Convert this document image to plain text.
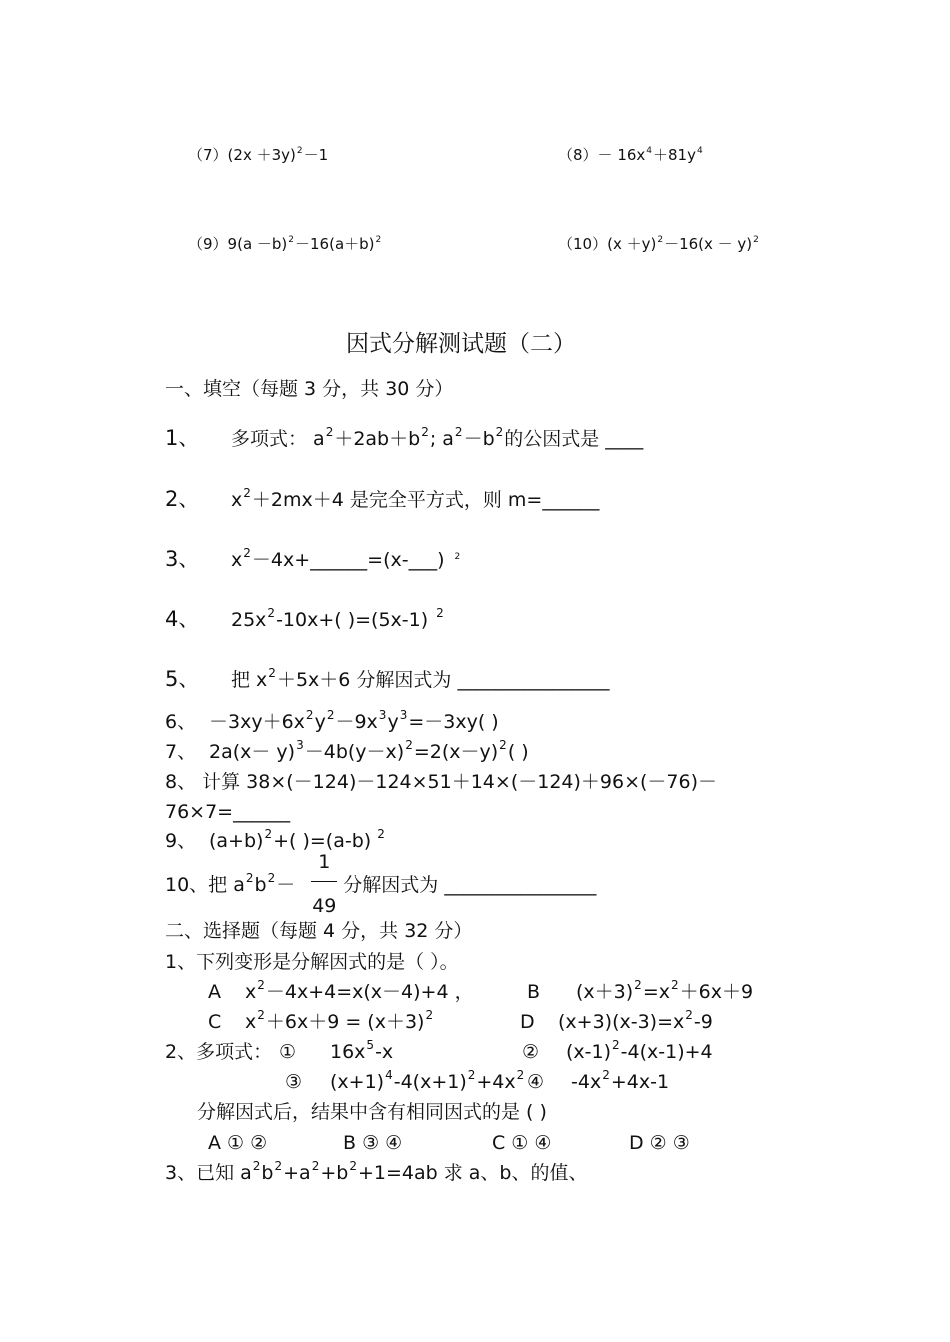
（7）(2x ＋3y)2－1	（8）－ 16x4＋81y4
（9）9(a －b)2－16(a＋b)2	（10）(x ＋y)2－16(x － y)2
因式分解测试题（二）
一、填空（每题 3 分，共 30 分）
1、 多项式： a2＋2ab＋b2; a2－b2的公因式是 ____
2、 x2＋2mx＋4 是完全平方式，则 m=______
3、 x2－4x+______=(x-___) 2
4、 25x2-10x+( )=(5x-1) 2
5、 把 x2＋5x＋6 分解因式为 ________________
6、 －3xy＋6x2y2－9x3y3=－3xy( )
7、 2a(x－ y)3－4b(y－x)2=2(x－y)2( )
8、 计算 38×(－124)－124×51＋14×(－124)＋96×(－76)－
76×7=______
9、 (a+b)2+( )=(a-b) 2
10、把 $a2b2- \frac{1}{49}$ 分解因式为 ________________
二、选择题（每题 4 分，共 32 分）
1、下列变形是分解因式的是（ ）。
A x2－4x+4=x(x－4)+4 ，	B (x＋3)2=x2＋6x＋9
C x2＋6x＋9 = (x＋3)2	D (x+3)(x-3)=x2-9
2、多项式： ① 16x5-x	② (x-1)2-4(x-1)+4
③ (x+1)4-4(x+1)2+4x2 ④ -4x2+4x-1
分解因式后，结果中含有相同因式的是 ( )
A ① ②	B ③ ④	C ① ④	D ② ③
3、已知 a2b2+a2+b2+1=4ab 求 a、b、的值、
